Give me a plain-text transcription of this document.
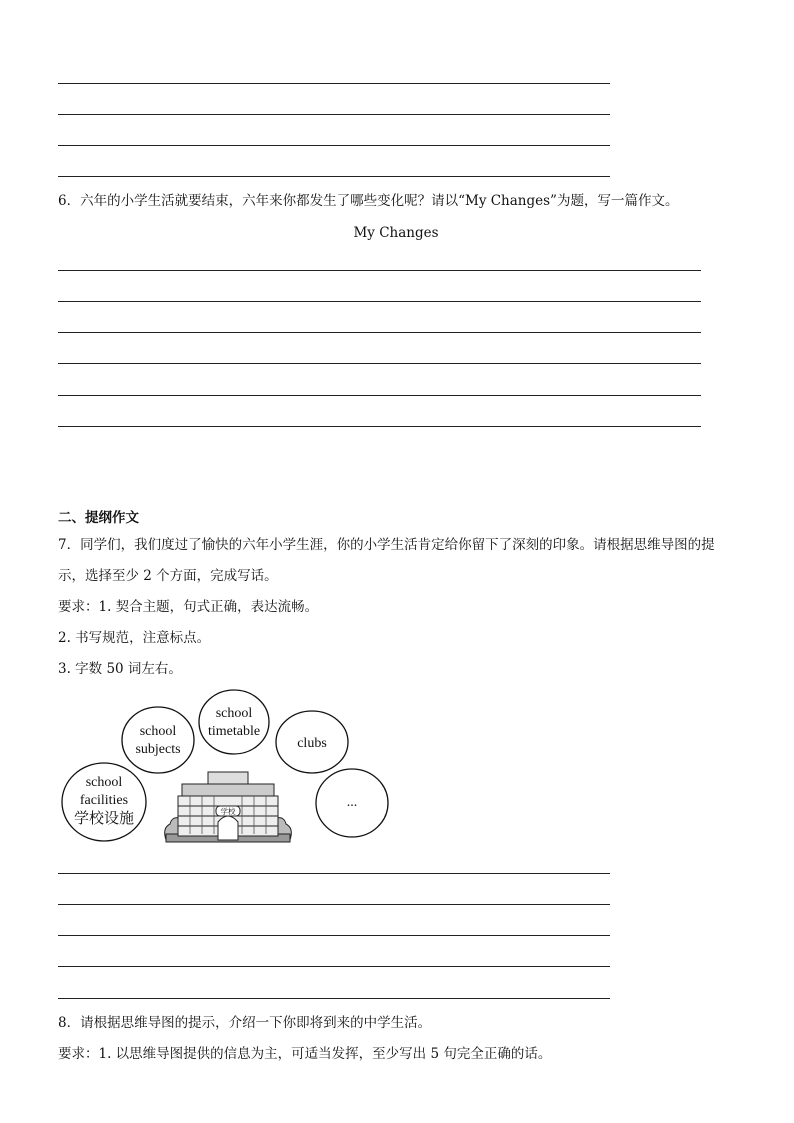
6．六年的小学生活就要结束，六年来你都发生了哪些变化呢？请以“My Changes”为题，写一篇作文。
My Changes
二、提纲作文
7．同学们，我们度过了愉快的六年小学生涯，你的小学生活肯定给你留下了深刻的印象。请根据思维导图的提
示，选择至少 2 个方面，完成写话。
要求：1. 契合主题，句式正确，表达流畅。
2. 书写规范，注意标点。
3. 字数 50 词左右。
school
facilities
学校设施
school
subjects
school
timetable
clubs
...
学校
8．请根据思维导图的提示，介绍一下你即将到来的中学生活。
要求：1. 以思维导图提供的信息为主，可适当发挥，至少写出 5 句完全正确的话。
